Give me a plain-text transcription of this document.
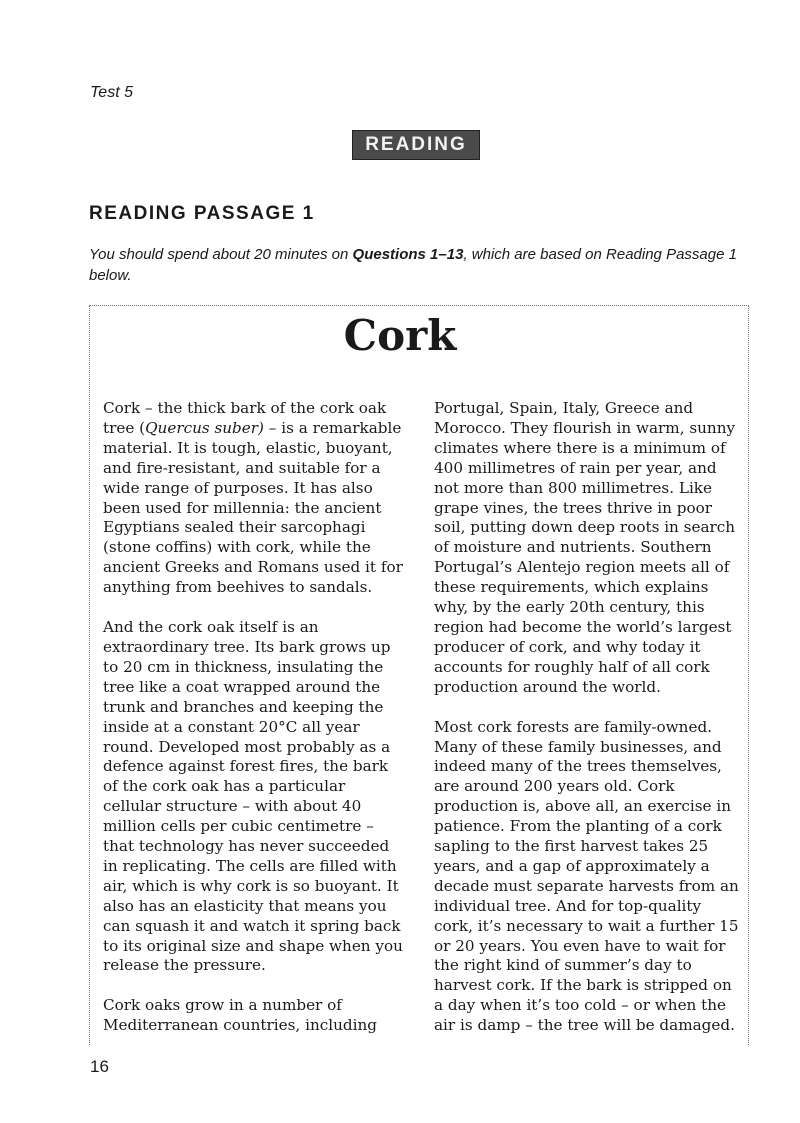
Test 5
READING
READING PASSAGE 1
You should spend about 20 minutes on Questions 1–13, which are based on Reading Passage 1 below.
Cork

Cork – the thick bark of the cork oak tree (Quercus suber) – is a remarkable material. It is tough, elastic, buoyant, and fire-resistant, and suitable for a wide range of purposes. It has also been used for millennia: the ancient Egyptians sealed their sarcophagi (stone coffins) with cork, while the ancient Greeks and Romans used it for anything from beehives to sandals.

And the cork oak itself is an extraordinary tree. Its bark grows up to 20 cm in thickness, insulating the tree like a coat wrapped around the trunk and branches and keeping the inside at a constant 20°C all year round. Developed most probably as a defence against forest fires, the bark of the cork oak has a particular cellular structure – with about 40 million cells per cubic centimetre – that technology has never succeeded in replicating. The cells are filled with air, which is why cork is so buoyant. It also has an elasticity that means you can squash it and watch it spring back to its original size and shape when you release the pressure.

Cork oaks grow in a number of Mediterranean countries, including

Portugal, Spain, Italy, Greece and Morocco. They flourish in warm, sunny climates where there is a minimum of 400 millimetres of rain per year, and not more than 800 millimetres. Like grape vines, the trees thrive in poor soil, putting down deep roots in search of moisture and nutrients. Southern Portugal’s Alentejo region meets all of these requirements, which explains why, by the early 20th century, this region had become the world’s largest producer of cork, and why today it accounts for roughly half of all cork production around the world.

Most cork forests are family-owned. Many of these family businesses, and indeed many of the trees themselves, are around 200 years old. Cork production is, above all, an exercise in patience. From the planting of a cork sapling to the first harvest takes 25 years, and a gap of approximately a decade must separate harvests from an individual tree. And for top-quality cork, it’s necessary to wait a further 15 or 20 years. You even have to wait for the right kind of summer’s day to harvest cork. If the bark is stripped on a day when it’s too cold – or when the air is damp – the tree will be damaged.

16
